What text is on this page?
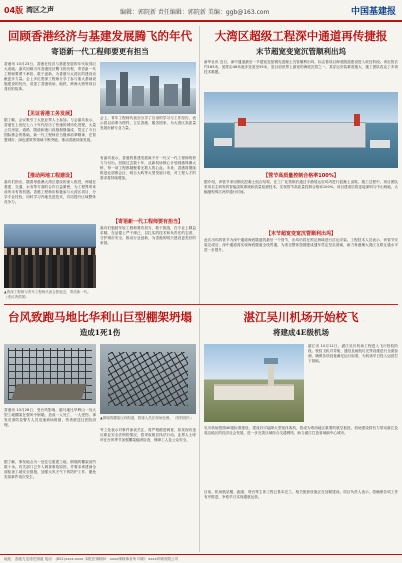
04版	编辑：郭院新 责任编辑：郭院新 美编：ggb@163.com	中国基建报
湾区之声
回顾香港经济与基建发展腾飞的年代
寄语新一代工程师要更有担当
香港讯 10月23日，香港在经济与基建发展的年代取得巨大成就。嘉宾回顾当年香港经济腾飞的历程，寄语新一代工程师要勇于承担、敢于创新，为香港与大湾区的建设贡献更多力量。会上多位资深工程师分享了参与重大基础设施建设的经历，讲述了香港机场、地铁、跨海大桥等项目背后的故事。
【见证香港工务发展】
据了解，会议吸引了大批业界人士参加。与会嘉宾表示，香港在上世纪七八十年代经历了快速的城市化进程，大量公共房屋、道路、隧道和港口设施相继落成，奠定了今日国际都会的基础。新一代工程师应当继承前辈精神，在智慧城市、绿色建筑等领域不断突破，推动香港持续发展。
【推动两地工程建设】
嘉宾们指出，随着粤港澳大湾区建设的深入推进，两地在基建、交通、水务等方面的合作日益紧密，为工程界带来前所未有的机遇。香港工程师应积极参与大湾区项目，分享专业经验，同时学习内地先进技术，共同提升区域整体竞争力。
▲资深工程师与青年工程师代表合影留念，寄语新一代。（受访者供图）
会上，青年工程师代表亦分享了自身的学习与工作经历，表示将以前辈为榜样，立足香港、服务国家，为大湾区高质量发展贡献专业力量。
有嘉宾表示，香港的基建发展离不开一代又一代工程师的努力与付出。回顾过去数十年，从新机场核心计划到港珠澳大桥，每一项工程都凝聚着无数人的心血。未来，香港将继续推进北部都会区、明日大屿等大型发展计划，对工程人才的需求将持续增加。
【寄语新一代工程师要有担当】
嘉宾们勉励年轻工程师要有担当、敢于挑战，在专业上精益求精，在品德上严于律己，以扎实的技术和负责任的态度，守护城市安全，推动行业创新，为香港的明天建设更美好的家园。
大湾区超级工程深中通道再传捷报
末节超宽变宽沉管顺利出坞
新华社讯 近日，深中通道最后一节超宽变宽钢壳混凝土沉管顺利出坞，标志着项目海底隧道建设进入收官阶段。该沉管长约165米，宽度由46米逐步变宽至55米，是目前世界上最宽的海底沉管之一，其浮运安装难度极大，施工团队攻克了多项技术难题。
【管节高质量控制合格率100%】
据介绍，该管节采用钢壳混凝土组合结构，在工厂化预制后通过半潜驳运至坞内进行混凝土浇筑。施工过程中，项目团队采用自主研发的智能浇筑系统和质量检测技术，实现管节高质量控制合格率100%。项目建成后将连接深圳与中山两地，大幅缩短珠江两岸通行时间。
【末节超宽变宽沉管顺利出坞】
此次出坞的管节为深中通道海底隧道的最后一个管节，出坞后将在预定海域进行浮运安装。工程技术人员表示，该管节安装完成后，深中通道将实现海底隧道全线贯通，为项目整体按期建成通车奠定坚实基础，助力粤港澳大湾区互联互通水平进一步提升。
台风致跑马地比华利山巨型棚架坍塌
造成1死1伤
香港讯 10月28日，受台风影响，跑马地比华利山一处大型工地棚架在强风中倒塌，造成一人死亡、一人受伤。事发后消防及警方人员迅速到场救援，伤者被送往医院治理。
据了解，事发地点为一处住宅重建工地，倒塌的棚架高约数十米。有关部门已介入调查事故原因，并要求承建商全面检查工地安全措施，加强大风天气下的防护工作，避免类似事件再次发生。
▲倒塌的棚架压向街道，救援人员在现场处理。（资料图片）
劳工处表示对事件深表关注，将严格跟进调查，如发现有违反职业安全法例的情况，将采取相应执法行动。业界人士呼吁在台风季节加强棚架稳固检查，保障工人及公众安全。
湛江吴川机场开始校飞
将建成4E级机场
湛江讯 10月11日，湛江吴川机场工程进入飞行校验阶段。校验飞机对导航、通信及助航灯光等设施进行全面检测，确保各项设备满足运行标准，为机场早日投入运营打下基础。
吴川机场按照4E级标准建设，建成后可起降大型宽体客机，将成为粤西地区重要的航空枢纽。机场建设将有力带动湛江及周边地区的经济社会发展，进一步完善区域综合交通网络，助力湛江打造省域副中心城市。
目前，机场航站楼、跑道、塔台等主体工程已基本完工，相关配套设施正在加紧建设。项目负责人表示，将确保各项工作有序推进，争取早日实现通航运营。
地址：香港九龙湾宏照道 电话：(852)xxxx-xxxx 本报法律顾问：xxxx律师事务所 印刷：xxxx印刷有限公司
